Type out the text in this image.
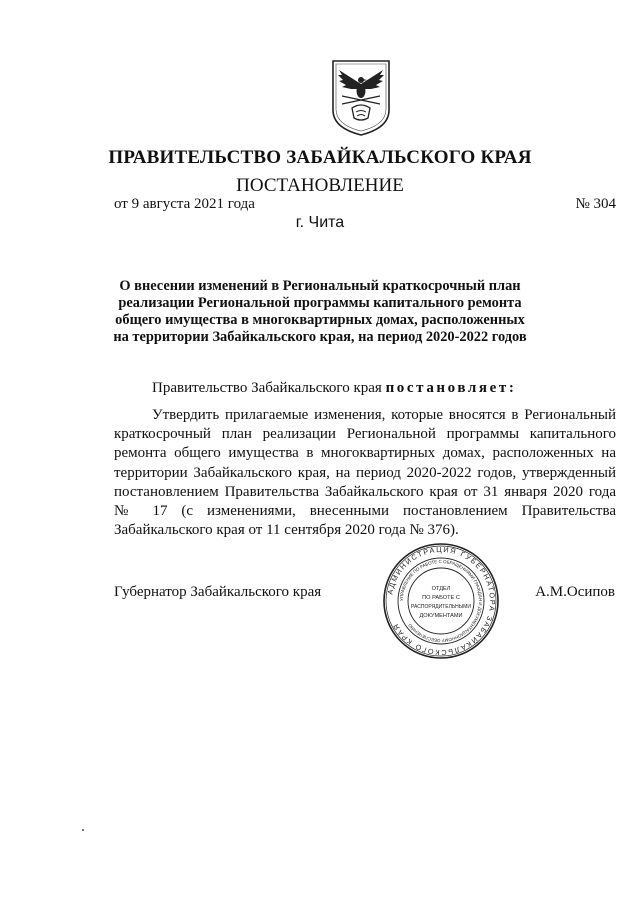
ПРАВИТЕЛЬСТВО ЗАБАЙКАЛЬСКОГО КРАЯ
ПОСТАНОВЛЕНИЕ
от 9 августа 2021 года	№ 304
г. Чита
О внесении изменений в Региональный краткосрочный план реализации Региональной программы капитального ремонта общего имущества в многоквартирных домах, расположенных на территории Забайкальского края, на период 2020-2022 годов
Правительство Забайкальского края постановляет:

Утвердить прилагаемые изменения, которые вносятся в Региональный краткосрочный план реализации Региональной программы капитального ремонта общего имущества в многоквартирных домах, расположенных на территории Забайкальского края, на период 2020-2022 годов, утвержденный постановлением Правительства Забайкальского края от 31 января 2020 года № 17 (с изменениями, внесенными постановлением Правительства Забайкальского края от 11 сентября 2020 года № 376).

Губернатор Забайкальского края	А.М.Осипов
АДМИНИСТРАЦИЯ ГУБЕРНАТОРА ЗАБАЙКАЛЬСКОГО КРАЯ
УПРАВЛЕНИЕ ПО РАБОТЕ С ОБРАЩЕНИЯМИ ГРАЖДАН И ДОКУМЕНТАЦИОННОМУ ОБЕСПЕЧЕНИЮ
ОТДЕЛ
ПО РАБОТЕ С
РАСПОРЯДИТЕЛЬНЫМИ
ДОКУМЕНТАМИ
